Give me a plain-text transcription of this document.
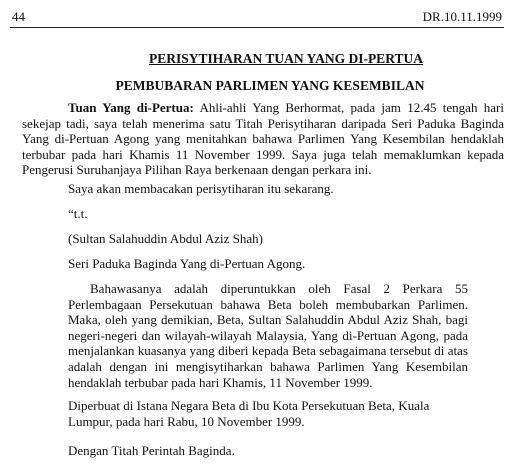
44	DR.10.11.1999
PERISYTIHARAN TUAN YANG DI-PERTUA
PEMBUBARAN PARLIMEN YANG KESEMBILAN
Tuan Yang di-Pertua: Ahli-ahli Yang Berhormat, pada jam 12.45 tengah hari sekejap tadi, saya telah menerima satu Titah Perisytiharan daripada Seri Paduka Baginda Yang di-Pertuan Agong yang menitahkan bahawa Parlimen Yang Kesembilan hendaklah terbubar pada hari Khamis 11 November 1999. Saya juga telah memaklumkan kepada Pengerusi Suruhanjaya Pilihan Raya berkenaan dengan perkara ini.
Saya akan membacakan perisytiharan itu sekarang.
“t.t.
(Sultan Salahuddin Abdul Aziz Shah)
Seri Paduka Baginda Yang di-Pertuan Agong.
Bahawasanya adalah diperuntukkan oleh Fasal 2 Perkara 55 Perlembagaan Persekutuan bahawa Beta boleh membubarkan Parlimen. Maka, oleh yang demikian, Beta, Sultan Salahuddin Abdul Aziz Shah, bagi negeri-negeri dan wilayah-wilayah Malaysia, Yang di-Pertuan Agong, pada menjalankan kuasanya yang diberi kepada Beta sebagaimana tersebut di atas adalah dengan ini mengisytiharkan bahawa Parlimen Yang Kesembilan hendaklah terbubar pada hari Khamis, 11 November 1999.
Diperbuat di Istana Negara Beta di Ibu Kota Persekutuan Beta, Kuala Lumpur, pada hari Rabu, 10 November 1999.
Dengan Titah Perintah Baginda.
